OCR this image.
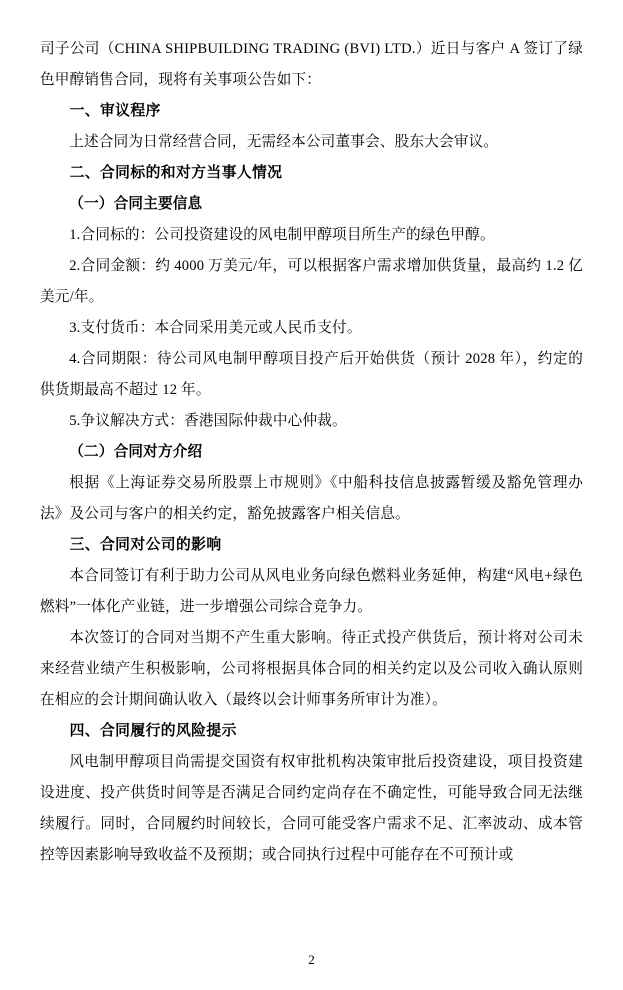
司子公司（CHINA SHIPBUILDING TRADING (BVI) LTD.）近日与客户 A 签订了绿色甲醇销售合同，现将有关事项公告如下：

一、审议程序

上述合同为日常经营合同，无需经本公司董事会、股东大会审议。

二、合同标的和对方当事人情况

（一）合同主要信息

1.合同标的：公司投资建设的风电制甲醇项目所生产的绿色甲醇。

2.合同金额：约 4000 万美元/年，可以根据客户需求增加供货量，最高约 1.2 亿美元/年。

3.支付货币：本合同采用美元或人民币支付。

4.合同期限：待公司风电制甲醇项目投产后开始供货（预计 2028 年），约定的供货期最高不超过 12 年。

5.争议解决方式：香港国际仲裁中心仲裁。

（二）合同对方介绍

根据《上海证券交易所股票上市规则》《中船科技信息披露暂缓及豁免管理办法》及公司与客户的相关约定，豁免披露客户相关信息。

三、合同对公司的影响

本合同签订有利于助力公司从风电业务向绿色燃料业务延伸，构建“风电+绿色燃料”一体化产业链，进一步增强公司综合竞争力。

本次签订的合同对当期不产生重大影响。待正式投产供货后，预计将对公司未来经营业绩产生积极影响，公司将根据具体合同的相关约定以及公司收入确认原则在相应的会计期间确认收入（最终以会计师事务所审计为准）。

四、合同履行的风险提示

风电制甲醇项目尚需提交国资有权审批机构决策审批后投资建设，项目投资建设进度、投产供货时间等是否满足合同约定尚存在不确定性，可能导致合同无法继续履行。同时，合同履约时间较长，合同可能受客户需求不足、汇率波动、成本管控等因素影响导致收益不及预期；或合同执行过程中可能存在不可预计或

2
